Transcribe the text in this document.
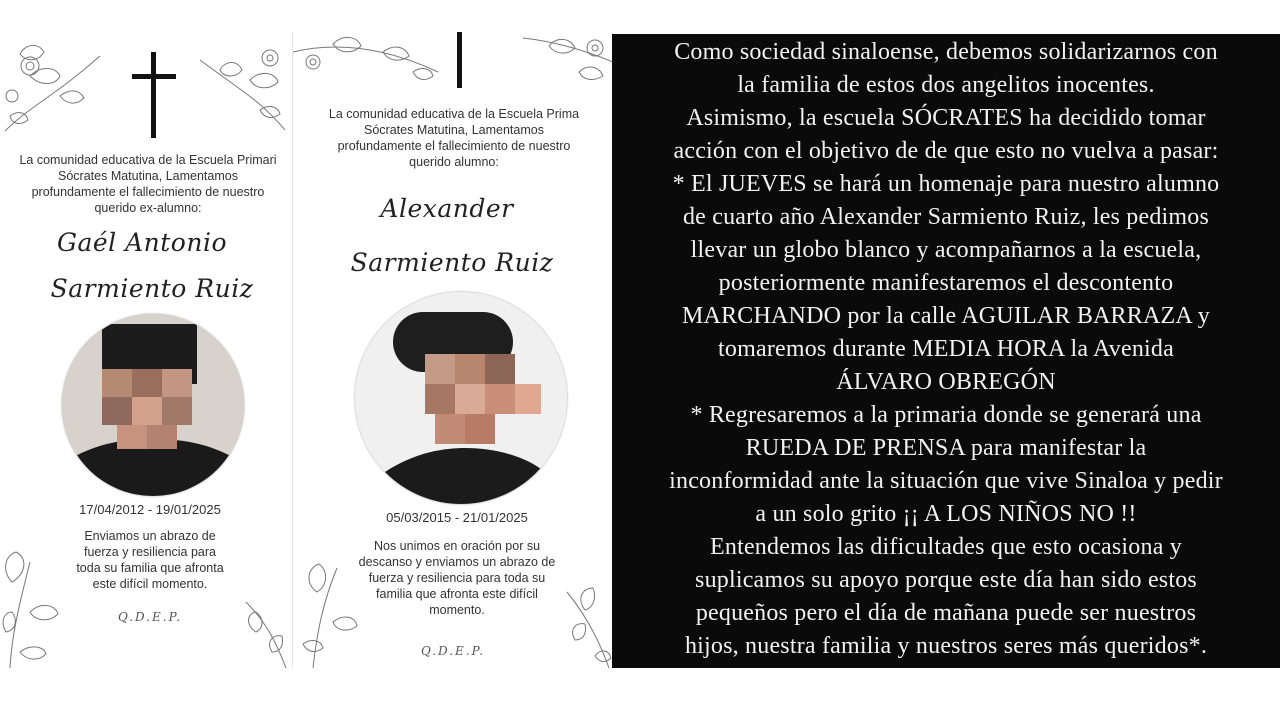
La comunidad educativa de la Escuela Primari
Sócrates Matutina, Lamentamos
profundamente el fallecimiento de nuestro
querido ex-alumno:
Gaél Antonio
Sarmiento Ruiz
17/04/2012 - 19/01/2025
Enviamos un abrazo de
fuerza y resiliencia para
toda su familia que afronta
este difícil momento.
Q.D.E.P.
La comunidad educativa de la Escuela Prima
Sócrates Matutina, Lamentamos
profundamente el fallecimiento de nuestro
querido alumno:
Alexander
Sarmiento Ruiz
05/03/2015 - 21/01/2025
Nos unimos en oración por su
descanso y enviamos un abrazo de
fuerza y resiliencia para toda su
familia que afronta este difícil
momento.
Q.D.E.P.
Como sociedad sinaloense, debemos solidarizarnos con
la familia de estos dos angelitos inocentes.
Asimismo, la escuela SÓCRATES ha decidido tomar
acción con el objetivo de de que esto no vuelva a pasar:
* El JUEVES se hará un homenaje para nuestro alumno
de cuarto año Alexander Sarmiento Ruiz, les pedimos
llevar un globo blanco y acompañarnos a la escuela,
posteriormente manifestaremos el descontento
MARCHANDO por la calle AGUILAR BARRAZA y
tomaremos durante MEDIA HORA la Avenida
ÁLVARO OBREGÓN
* Regresaremos a la primaria donde se generará una
RUEDA DE PRENSA para manifestar la
inconformidad ante la situación que vive Sinaloa y pedir
a un solo grito ¡¡ A LOS NIÑOS NO !!
Entendemos las dificultades que esto ocasiona y
suplicamos su apoyo porque este día han sido estos
pequeños pero el día de mañana puede ser nuestros
hijos, nuestra familia y nuestros seres más queridos*.
